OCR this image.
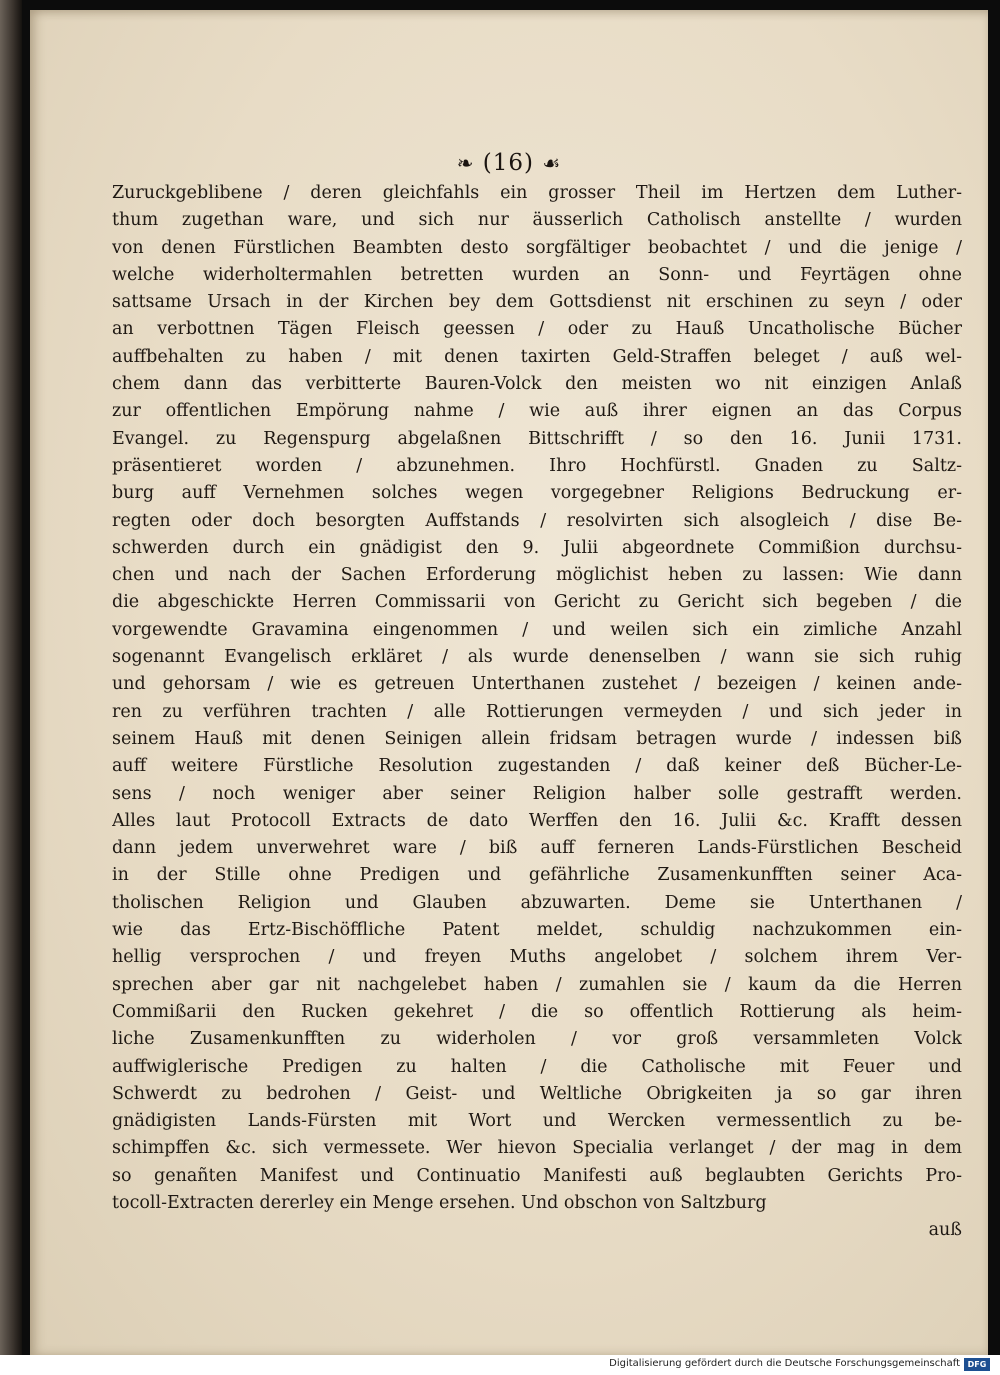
❧ (16) ☙
Zuruckgeblibene / deren gleichfahls ein grosser Theil im Hertzen dem Luther-
thum zugethan ware, und sich nur äusserlich Catholisch anstellte / wurden
von denen Fürstlichen Beambten desto sorgfältiger beobachtet / und die jenige /
welche widerholtermahlen betretten wurden an Sonn- und Feyrtägen ohne
sattsame Ursach in der Kirchen bey dem Gottsdienst nit erschinen zu seyn / oder
an verbottnen Tägen Fleisch geessen / oder zu Hauß Uncatholische Bücher
auffbehalten zu haben / mit denen taxirten Geld-Straffen beleget / auß wel-
chem dann das verbitterte Bauren-Volck den meisten wo nit einzigen Anlaß
zur offentlichen Empörung nahme / wie auß ihrer eignen an das Corpus
Evangel. zu Regenspurg abgelaßnen Bittschrifft / so den 16. Junii 1731.
präsentieret worden / abzunehmen. Ihro Hochfürstl. Gnaden zu Saltz-
burg auff Vernehmen solches wegen vorgegebner Religions Bedruckung er-
regten oder doch besorgten Auffstands / resolvirten sich alsogleich / dise Be-
schwerden durch ein gnädigist den 9. Julii abgeordnete Commißion durchsu-
chen und nach der Sachen Erforderung möglichist heben zu lassen: Wie dann
die abgeschickte Herren Commissarii von Gericht zu Gericht sich begeben / die
vorgewendte Gravamina eingenommen / und weilen sich ein zimliche Anzahl
sogenannt Evangelisch erkläret / als wurde denenselben / wann sie sich ruhig
und gehorsam / wie es getreuen Unterthanen zustehet / bezeigen / keinen ande-
ren zu verführen trachten / alle Rottierungen vermeyden / und sich jeder in
seinem Hauß mit denen Seinigen allein fridsam betragen wurde / indessen biß
auff weitere Fürstliche Resolution zugestanden / daß keiner deß Bücher-Le-
sens / noch weniger aber seiner Religion halber solle gestrafft werden.
Alles laut Protocoll Extracts de dato Werffen den 16. Julii &c. Krafft dessen
dann jedem unverwehret ware / biß auff ferneren Lands-Fürstlichen Bescheid
in der Stille ohne Predigen und gefährliche Zusamenkunfften seiner Aca-
tholischen Religion und Glauben abzuwarten. Deme sie Unterthanen /
wie das Ertz-Bischöffliche Patent meldet, schuldig nachzukommen ein-
hellig versprochen / und freyen Muths angelobet / solchem ihrem Ver-
sprechen aber gar nit nachgelebet haben / zumahlen sie / kaum da die Herren
Commißarii den Rucken gekehret / die so offentlich Rottierung als heim-
liche Zusamenkunfften zu widerholen / vor groß versammleten Volck
auffwiglerische Predigen zu halten / die Catholische mit Feuer und
Schwerdt zu bedrohen / Geist- und Weltliche Obrigkeiten ja so gar ihren
gnädigisten Lands-Fürsten mit Wort und Wercken vermessentlich zu be-
schimpffen &c. sich vermessete. Wer hievon Specialia verlanget / der mag in dem
so genañten Manifest und Continuatio Manifesti auß beglaubten Gerichts Pro-
tocoll-Extracten dererley ein Menge ersehen. Und obschon von Saltzburg
auß
Digitalisierung gefördert durch die Deutsche Forschungsgemeinschaft DFG
